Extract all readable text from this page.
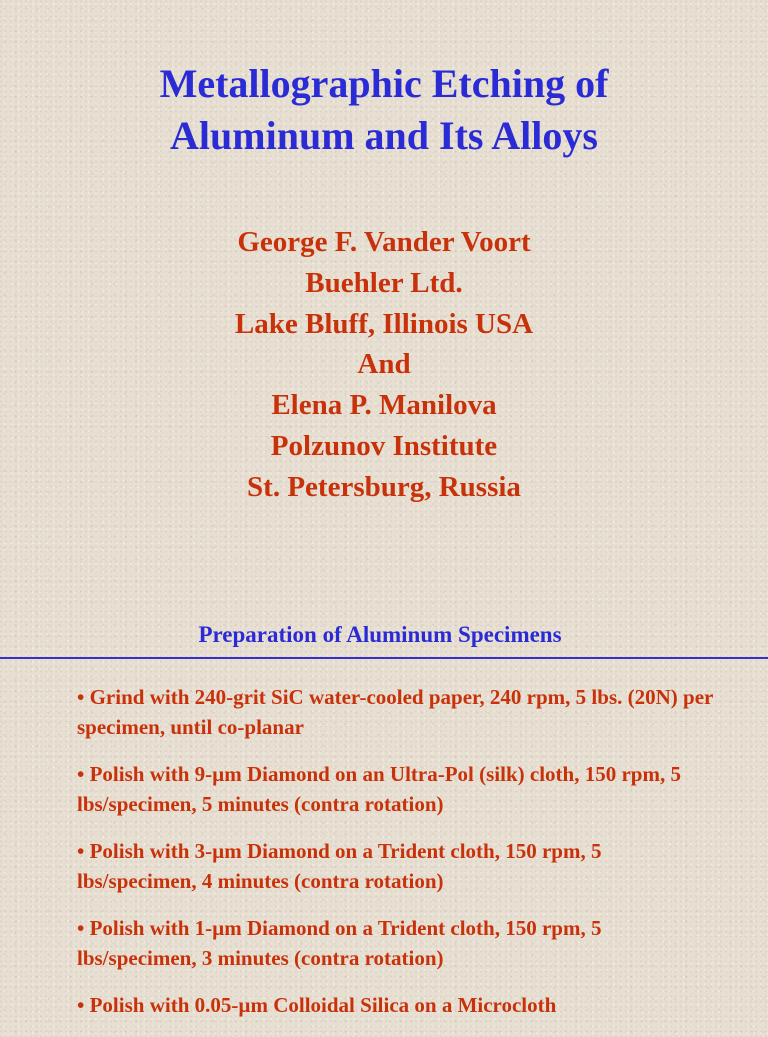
Metallographic Etching of
Aluminum and Its Alloys
George F. Vander Voort
Buehler Ltd.
Lake Bluff, Illinois USA
And
Elena P. Manilova
Polzunov Institute
St. Petersburg, Russia
Preparation of Aluminum Specimens
• Grind with 240-grit SiC water-cooled paper, 240 rpm, 5 lbs. (20N) per specimen, until co-planar
• Polish with 9-µm Diamond on an Ultra-Pol (silk) cloth, 150 rpm, 5 lbs/specimen, 5 minutes (contra rotation)
• Polish with 3-µm Diamond on a Trident cloth, 150 rpm, 5 lbs/specimen, 4 minutes (contra rotation)
• Polish with 1-µm Diamond on a Trident cloth, 150 rpm, 5 lbs/specimen, 3 minutes (contra rotation)
• Polish with 0.05-µm Colloidal Silica on a Microcloth
